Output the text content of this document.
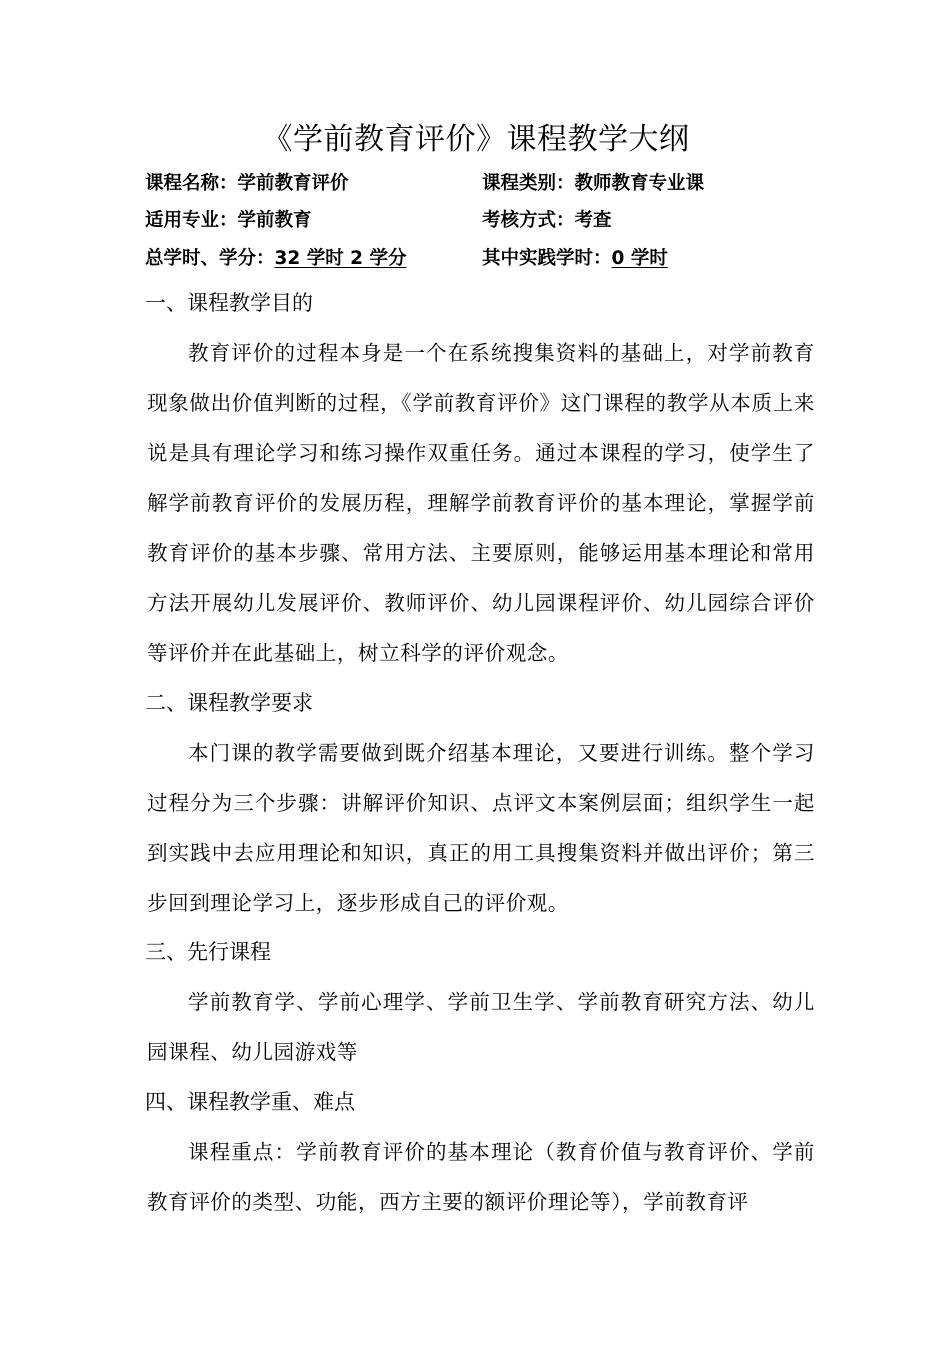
《学前教育评价》课程教学大纲
课程名称：学前教育评价	课程类别：教师教育专业课
适用专业：学前教育	考核方式：考查
总学时、学分：32 学时 2 学分	其中实践学时：0 学时
一、课程教学目的
教育评价的过程本身是一个在系统搜集资料的基础上，对学前教育现象做出价值判断的过程，《学前教育评价》这门课程的教学从本质上来说是具有理论学习和练习操作双重任务。通过本课程的学习，使学生了解学前教育评价的发展历程，理解学前教育评价的基本理论，掌握学前教育评价的基本步骤、常用方法、主要原则，能够运用基本理论和常用方法开展幼儿发展评价、教师评价、幼儿园课程评价、幼儿园综合评价等评价并在此基础上，树立科学的评价观念。
二、课程教学要求
本门课的教学需要做到既介绍基本理论，又要进行训练。整个学习过程分为三个步骤：讲解评价知识、点评文本案例层面；组织学生一起到实践中去应用理论和知识，真正的用工具搜集资料并做出评价；第三步回到理论学习上，逐步形成自己的评价观。
三、先行课程
学前教育学、学前心理学、学前卫生学、学前教育研究方法、幼儿园课程、幼儿园游戏等
四、课程教学重、难点
课程重点：学前教育评价的基本理论（教育价值与教育评价、学前教育评价的类型、功能，西方主要的额评价理论等），学前教育评
